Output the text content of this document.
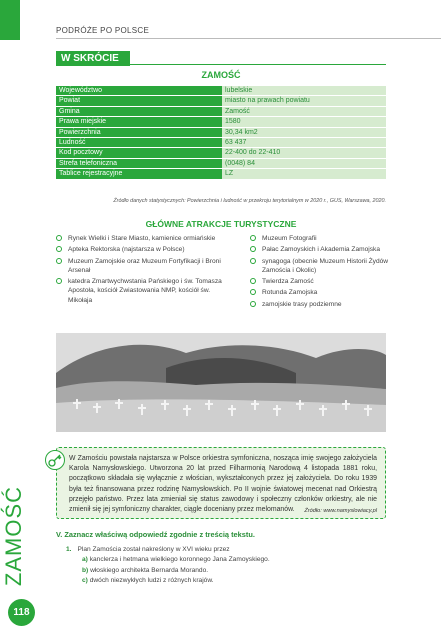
PODRÓŻE PO POLSCE
ZAMOŚĆ
118
W SKRÓCIE
ZAMOŚĆ
Województwo	lubelskie
Powiat	miasto na prawach powiatu
Gmina	Zamość
Prawa miejskie	1580
Powierzchnia	30,34 km2
Ludność	63 437
Kod pocztowy	22-400 do 22-410
Strefa telefoniczna	(0048) 84
Tablice rejestracyjne	LZ
Źródło danych statystycznych: Powierzchnia i ludność w przekroju terytorialnym w 2020 r., GUS, Warszawa, 2020.
GŁÓWNE ATRAKCJE TURYSTYCZNE
Rynek Wielki i Stare Miasto, kamienice ormiańskie
Apteka Rektorska (najstarsza w Polsce)
Muzeum Zamojskie oraz Muzeum Fortyfikacji i Broni Arsenał
katedra Zmartwychwstania Pańskiego i św. Tomasza Apostoła, kościół Zwiastowania NMP, kościół św. Mikołaja
Muzeum Fotografii
Pałac Zamoyskich i Akademia Zamojska
synagoga (obecnie Muzeum Historii Żydów Zamościa i Okolic)
Twierdza Zamość
Rotunda Zamojska
zamojskie trasy podziemne

W Zamościu powstała najstarsza w Polsce orkiestra symfoniczna, nosząca imię swojego założyciela Karola Namysłowskiego. Utworzona 20 lat przed Filharmonią Narodową 4 listopada 1881 roku, początkowo składała się wyłącznie z włościan, wykształconych przez jej założyciela. Do roku 1939 była też finansowana przez rodzinę Namysłowskich. Po II wojnie światowej mecenat nad Orkiestrą przejęło państwo. Przez lata zmieniał się status zawodowy i społeczny członków orkiestry, ale nie zmienił się jej symfoniczny charakter, ciągle doceniany przez melomanów.	Źródło: www.namyslowiacy.pl
V. Zaznacz właściwą odpowiedź zgodnie z treścią tekstu.
1. Plan Zamościa został nakreślony w XVI wieku przez
a) kanclerza i hetmana wielkiego koronnego Jana Zamoyskiego.
b) włoskiego architekta Bernarda Morando.
c) dwóch niezwykłych ludzi z różnych krajów.
